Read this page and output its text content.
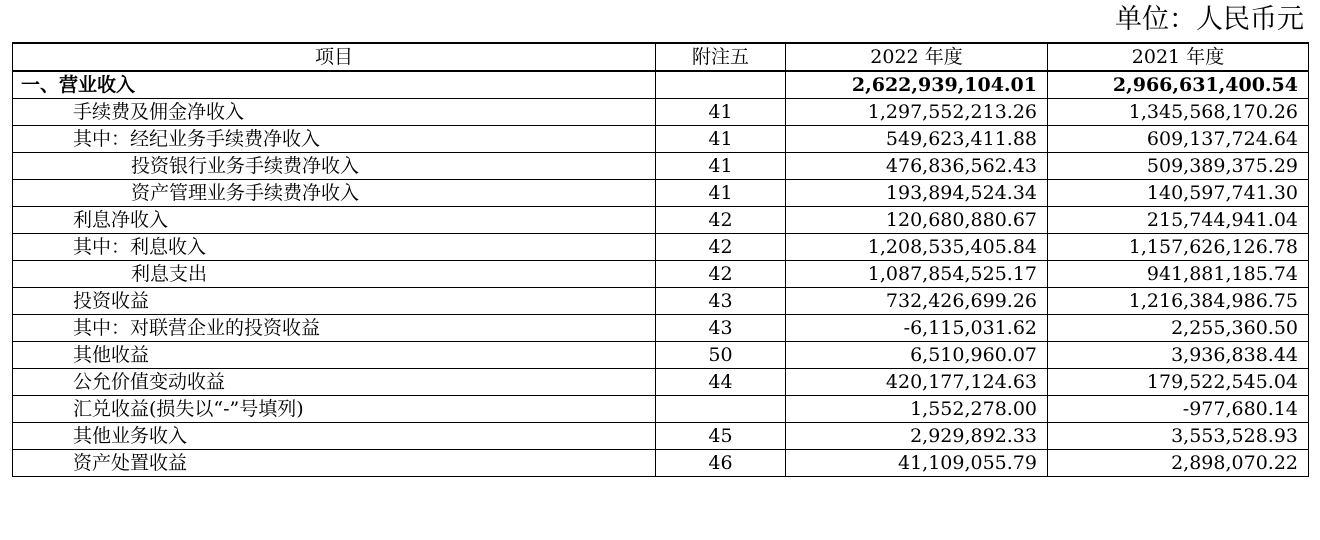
单位：人民币元
项目	附注五	2022 年度	2021 年度
一、营业收入		2,622,939,104.01	2,966,631,400.54
手续费及佣金净收入	41	1,297,552,213.26	1,345,568,170.26
其中：经纪业务手续费净收入	41	549,623,411.88	609,137,724.64
投资银行业务手续费净收入	41	476,836,562.43	509,389,375.29
资产管理业务手续费净收入	41	193,894,524.34	140,597,741.30
利息净收入	42	120,680,880.67	215,744,941.04
其中：利息收入	42	1,208,535,405.84	1,157,626,126.78
利息支出	42	1,087,854,525.17	941,881,185.74
投资收益	43	732,426,699.26	1,216,384,986.75
其中：对联营企业的投资收益	43	-6,115,031.62	2,255,360.50
其他收益	50	6,510,960.07	3,936,838.44
公允价值变动收益	44	420,177,124.63	179,522,545.04
汇兑收益(损失以“-”号填列)		1,552,278.00	-977,680.14
其他业务收入	45	2,929,892.33	3,553,528.93
资产处置收益	46	41,109,055.79	2,898,070.22
